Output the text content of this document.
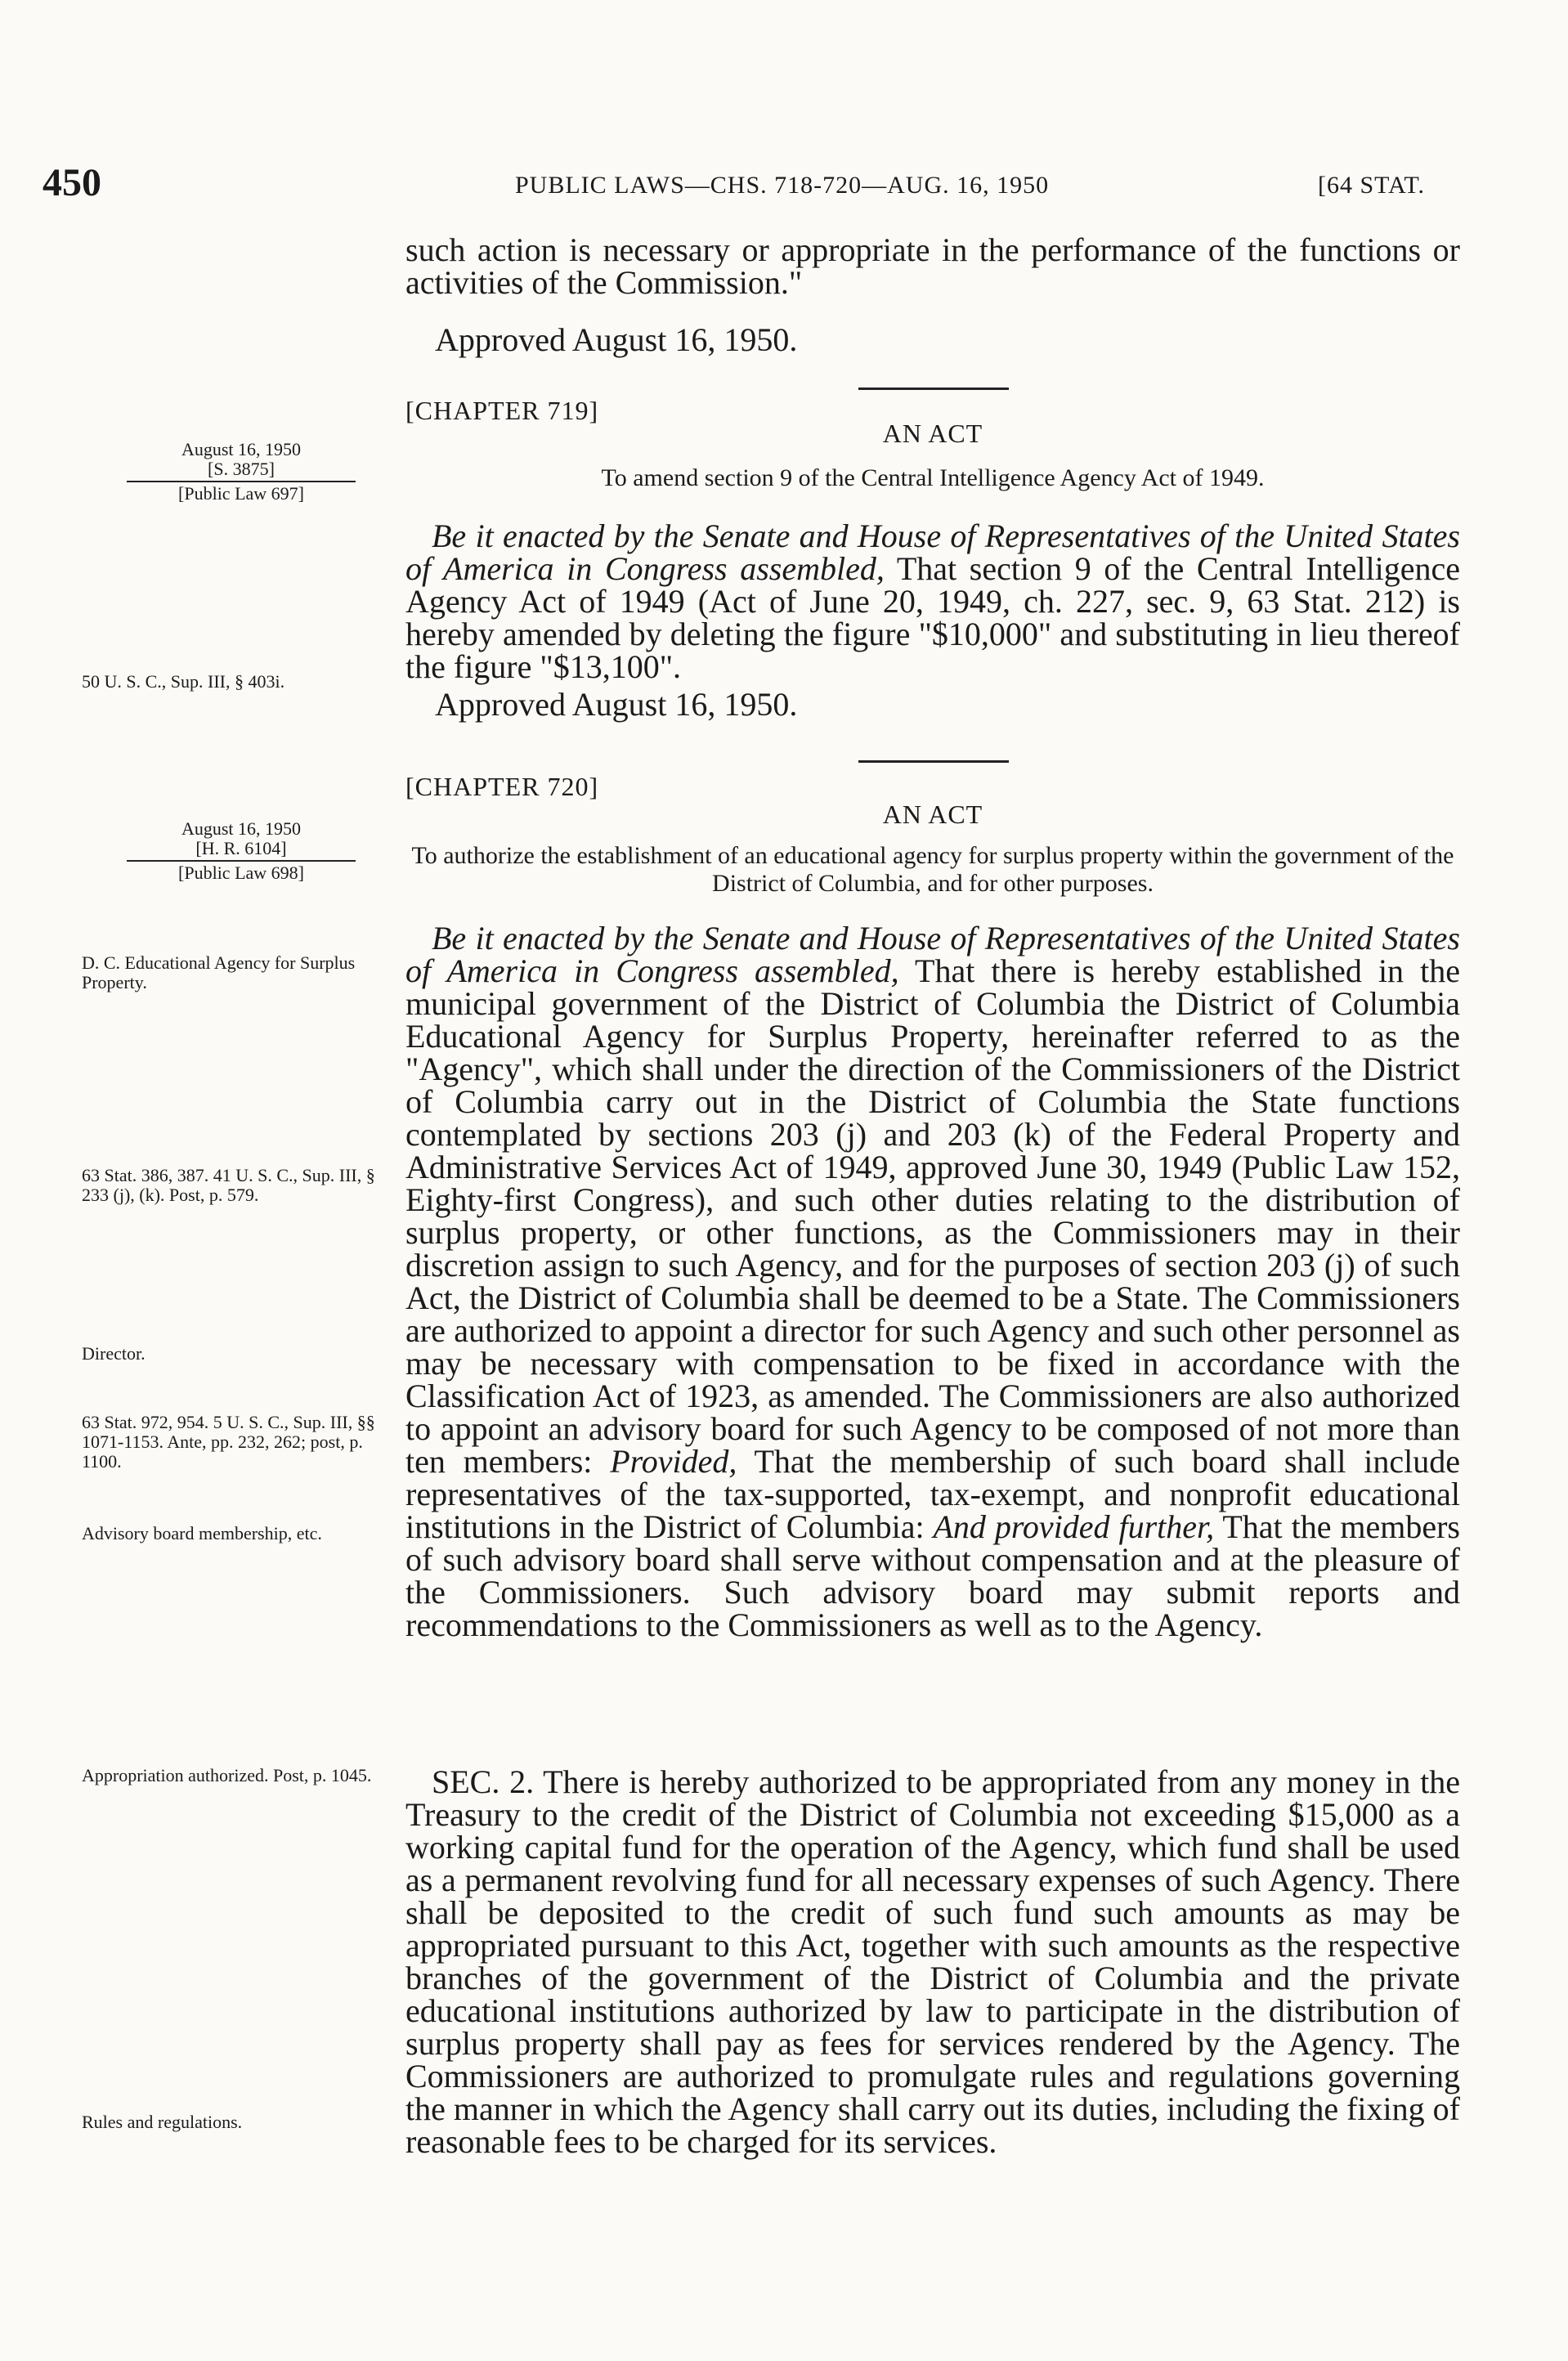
450	PUBLIC LAWS—CHS. 718-720—AUG. 16, 1950	[64 STAT.

such action is necessary or appropriate in the performance of the functions or activities of the Commission."

Approved August 16, 1950.
[CHAPTER 719]
AN ACT
August 16, 1950
[S. 3875]
[Public Law 697]
To amend section 9 of the Central Intelligence Agency Act of 1949.

Be it enacted by the Senate and House of Representatives of the United States of America in Congress assembled, That section 9 of the Central Intelligence Agency Act of 1949 (Act of June 20, 1949, ch. 227, sec. 9, 63 Stat. 212) is hereby amended by deleting the figure "$10,000" and substituting in lieu thereof the figure "$13,100".

50 U. S. C., Sup. III, § 403i.
Approved August 16, 1950.
[CHAPTER 720]
AN ACT
August 16, 1950
[H. R. 6104]
[Public Law 698]
To authorize the establishment of an educational agency for surplus property within the government of the District of Columbia, and for other purposes.

Be it enacted by the Senate and House of Representatives of the United States of America in Congress assembled, That there is hereby established in the municipal government of the District of Columbia the District of Columbia Educational Agency for Surplus Property, hereinafter referred to as the "Agency", which shall under the direction of the Commissioners of the District of Columbia carry out in the District of Columbia the State functions contemplated by sections 203 (j) and 203 (k) of the Federal Property and Administrative Services Act of 1949, approved June 30, 1949 (Public Law 152, Eighty-first Congress), and such other duties relating to the distribution of surplus property, or other functions, as the Commissioners may in their discretion assign to such Agency, and for the purposes of section 203 (j) of such Act, the District of Columbia shall be deemed to be a State. The Commissioners are authorized to appoint a director for such Agency and such other personnel as may be necessary with compensation to be fixed in accordance with the Classification Act of 1923, as amended. The Commissioners are also authorized to appoint an advisory board for such Agency to be composed of not more than ten members: Provided, That the membership of such board shall include representatives of the tax-supported, tax-exempt, and nonprofit educational institutions in the District of Columbia: And provided further, That the members of such advisory board shall serve without compensation and at the pleasure of the Commissioners. Such advisory board may submit reports and recommendations to the Commissioners as well as to the Agency.

SEC. 2. There is hereby authorized to be appropriated from any money in the Treasury to the credit of the District of Columbia not exceeding $15,000 as a working capital fund for the operation of the Agency, which fund shall be used as a permanent revolving fund for all necessary expenses of such Agency. There shall be deposited to the credit of such fund such amounts as may be appropriated pursuant to this Act, together with such amounts as the respective branches of the government of the District of Columbia and the private educational institutions authorized by law to participate in the distribution of surplus property shall pay as fees for services rendered by the Agency. The Commissioners are authorized to promulgate rules and regulations governing the manner in which the Agency shall carry out its duties, including the fixing of reasonable fees to be charged for its services.

D. C. Educational Agency for Surplus Property.
63 Stat. 386, 387. 41 U. S. C., Sup. III, § 233 (j), (k). Post, p. 579.
Director.
63 Stat. 972, 954. 5 U. S. C., Sup. III, §§ 1071-1153. Ante, pp. 232, 262; post, p. 1100.
Advisory board membership, etc.
Appropriation authorized. Post, p. 1045.
Rules and regulations.
